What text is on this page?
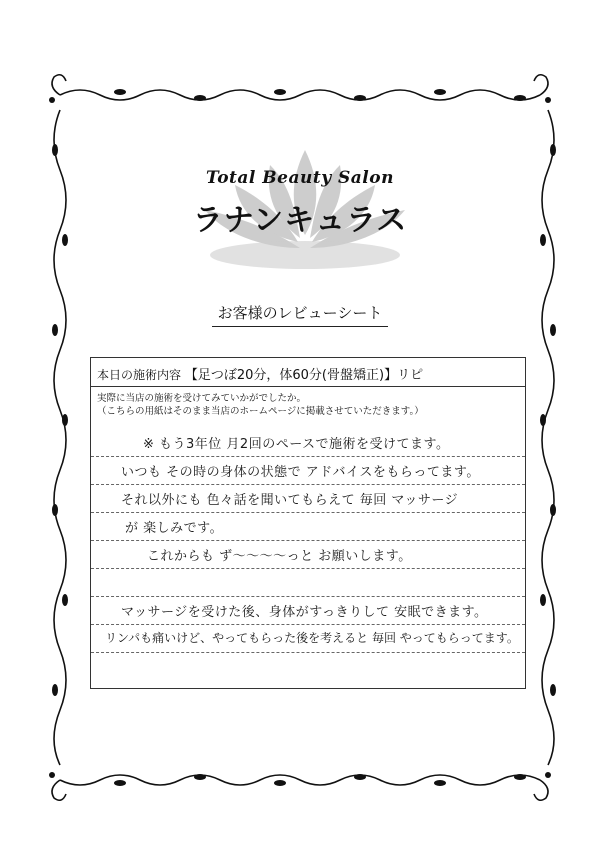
Total Beauty Salon
ラナンキュラス
お客様のレビューシート
本日の施術内容 【足つぼ20分，体60分(骨盤矯正)】リピ
実際に当店の施術を受けてみていかがでしたか。
（こちらの用紙はそのまま当店のホームページに掲載させていただきます。）
※ もう3年位 月2回のペースで施術を受けてます。
いつも その時の身体の状態で アドバイスをもらってます。
それ以外にも 色々話を聞いてもらえて 毎回 マッサージ
が 楽しみです。
これからも ず〜〜〜〜っと お願いします。
マッサージを受けた後、身体がすっきりして 安眠できます。
リンパも痛いけど、やってもらった後を考えると 毎回 やってもらってます。
